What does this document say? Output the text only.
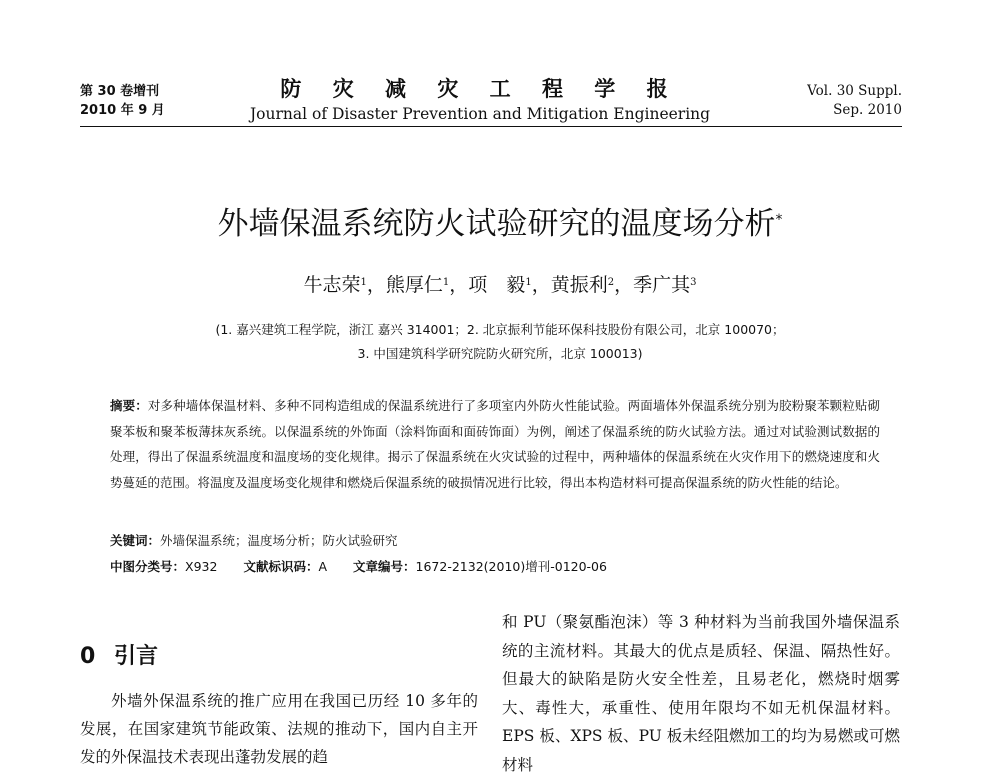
第 30 卷增刊
2010 年 9 月
防 灾 减 灾 工 程 学 报
Journal of Disaster Prevention and Mitigation Engineering
Vol. 30 Suppl.
Sep. 2010
外墙保温系统防火试验研究的温度场分析*
牛志荣$^1$，熊厚仁$^1$，项　毅$^1$，黄振利$^2$，季广其$^3$
(1. 嘉兴建筑工程学院，浙江 嘉兴 314001；2. 北京振利节能环保科技股份有限公司，北京 100070；
3. 中国建筑科学研究院防火研究所，北京 100013)
摘要：对多种墙体保温材料、多种不同构造组成的保温系统进行了多项室内外防火性能试验。两面墙体外保温系统分别为胶粉聚苯颗粒贴砌聚苯板和聚苯板薄抹灰系统。以保温系统的外饰面（涂料饰面和面砖饰面）为例，阐述了保温系统的防火试验方法。通过对试验测试数据的处理，得出了保温系统温度和温度场的变化规律。揭示了保温系统在火灾试验的过程中，两种墙体的保温系统在火灾作用下的燃烧速度和火势蔓延的范围。将温度及温度场变化规律和燃烧后保温系统的破损情况进行比较，得出本构造材料可提高保温系统的防火性能的结论。
关键词：外墙保温系统；温度场分析；防火试验研究
中图分类号：X932 文献标识码：A 文章编号：1672-2132(2010)增刊-0120-06
0 引言
外墙外保温系统的推广应用在我国已历经 10 多年的发展，在国家建筑节能政策、法规的推动下，国内自主开发的外保温技术表现出蓬勃发展的趋
和 PU（聚氨酯泡沫）等 3 种材料为当前我国外墙保温系统的主流材料。其最大的优点是质轻、保温、隔热性好。但最大的缺陷是防火安全性差，且易老化，燃烧时烟雾大、毒性大，承重性、使用年限均不如无机保温材料。EPS 板、XPS 板、PU 板未经阻燃加工的均为易燃或可燃材料
